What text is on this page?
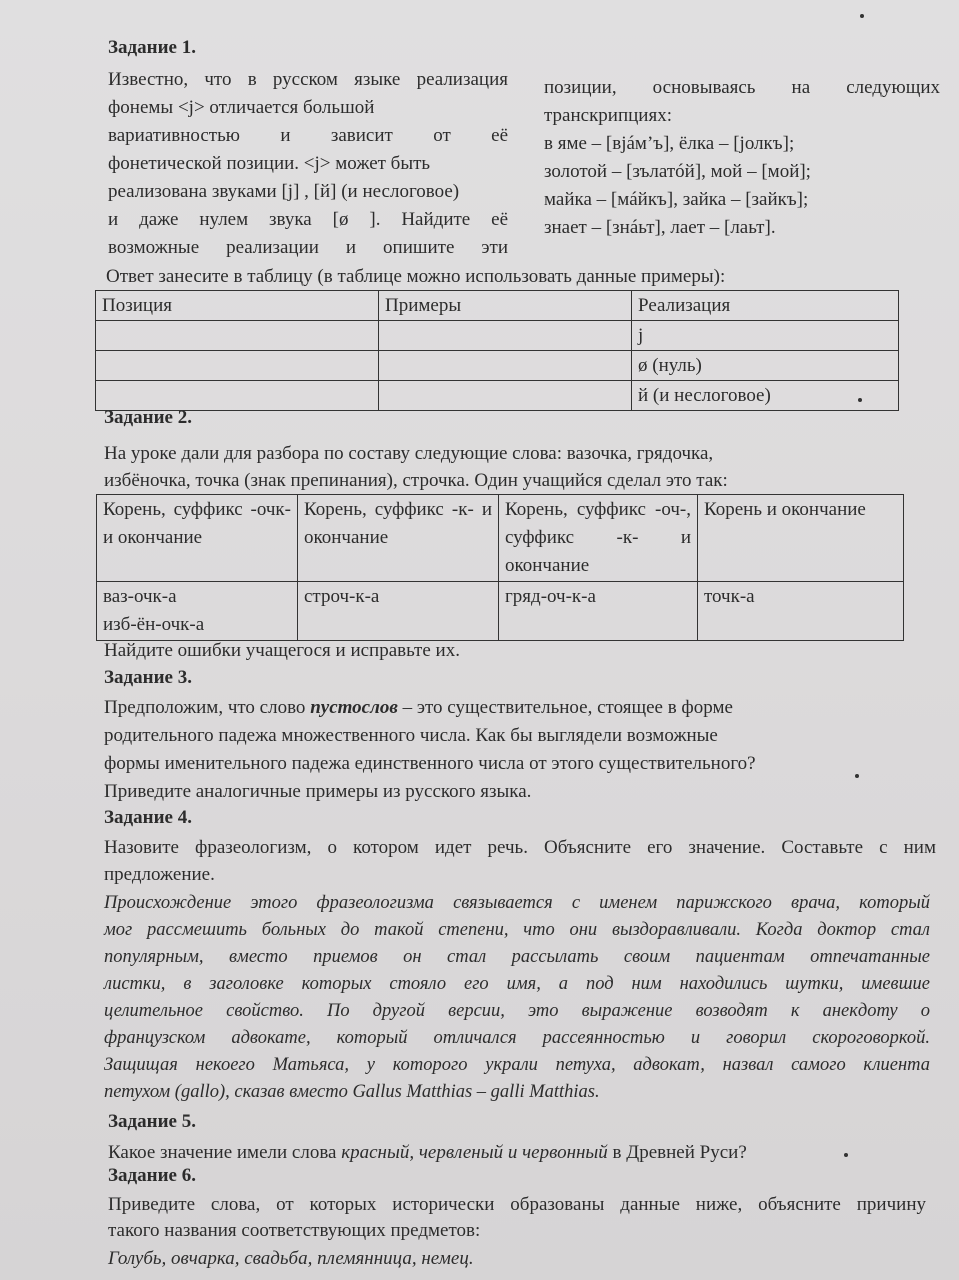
Задание 1.
Известно, что в русском языке реализация
фонемы <j> отличается большой
вариативностью и зависит от её
фонетической позиции. <j> может быть
реализована звуками [j] , [й] (и неслоговое)
и даже нулем звука [ø ]. Найдите её
возможные реализации и опишите эти
позиции, основываясь на следующих
транскрипциях:
в яме – [вjáм’ъ], ёлка – [jолкъ];
золотой – [зълатóй], мой – [мой];
майка – [мáйкъ], зайка – [зайкъ];
знает – [знáьт], лает – [лаьт].
Ответ занесите в таблицу (в таблице можно использовать данные примеры):
Позиция	Примеры	Реализация
		j
		ø (нуль)
		й (и неслоговое)
Задание 2.
На уроке дали для разбора по составу следующие слова: вазочка, грядочка,
избёночка, точка (знак препинания), строчка. Один учащийся сделал это так:
Корень, суффикс -очк- и окончание	Корень, суффикс -к- и окончание	Корень, суффикс -оч-, суффикс -к- и окончание	Корень и окончание

ваз-очк-а
изб-ён-очк-а	строч-к-а	гряд-оч-к-а	точк-а
Найдите ошибки учащегося и исправьте их.
Задание 3.
Предположим, что слово пустослов – это существительное, стоящее в форме
родительного падежа множественного числа. Как бы выглядели возможные
формы именительного падежа единственного числа от этого существительного?
Приведите аналогичные примеры из русского языка.
Задание 4.
Назовите фразеологизм, о котором идет речь. Объясните его значение. Составьте с ним
предложение.
Происхождение этого фразеологизма связывается с именем парижского врача, который
мог рассмешить больных до такой степени, что они выздоравливали. Когда доктор стал
популярным, вместо приемов он стал рассылать своим пациентам отпечатанные
листки, в заголовке которых стояло его имя, а под ним находились шутки, имевшие
целительное свойство. По другой версии, это выражение возводят к анекдоту о
французском адвокате, который отличался рассеянностью и говорил скороговоркой.
Защищая некоего Матьяса, у которого украли петуха, адвокат, назвал самого клиента
петухом (gallo), сказав вместо Gallus Matthias – galli Matthias.
Задание 5.
Какое значение имели слова красный, червленый и червонный в Древней Руси?
Задание 6.
Приведите слова, от которых исторически образованы данные ниже, объясните причину
такого названия соответствующих предметов:
Голубь, овчарка, свадьба, племянница, немец.
